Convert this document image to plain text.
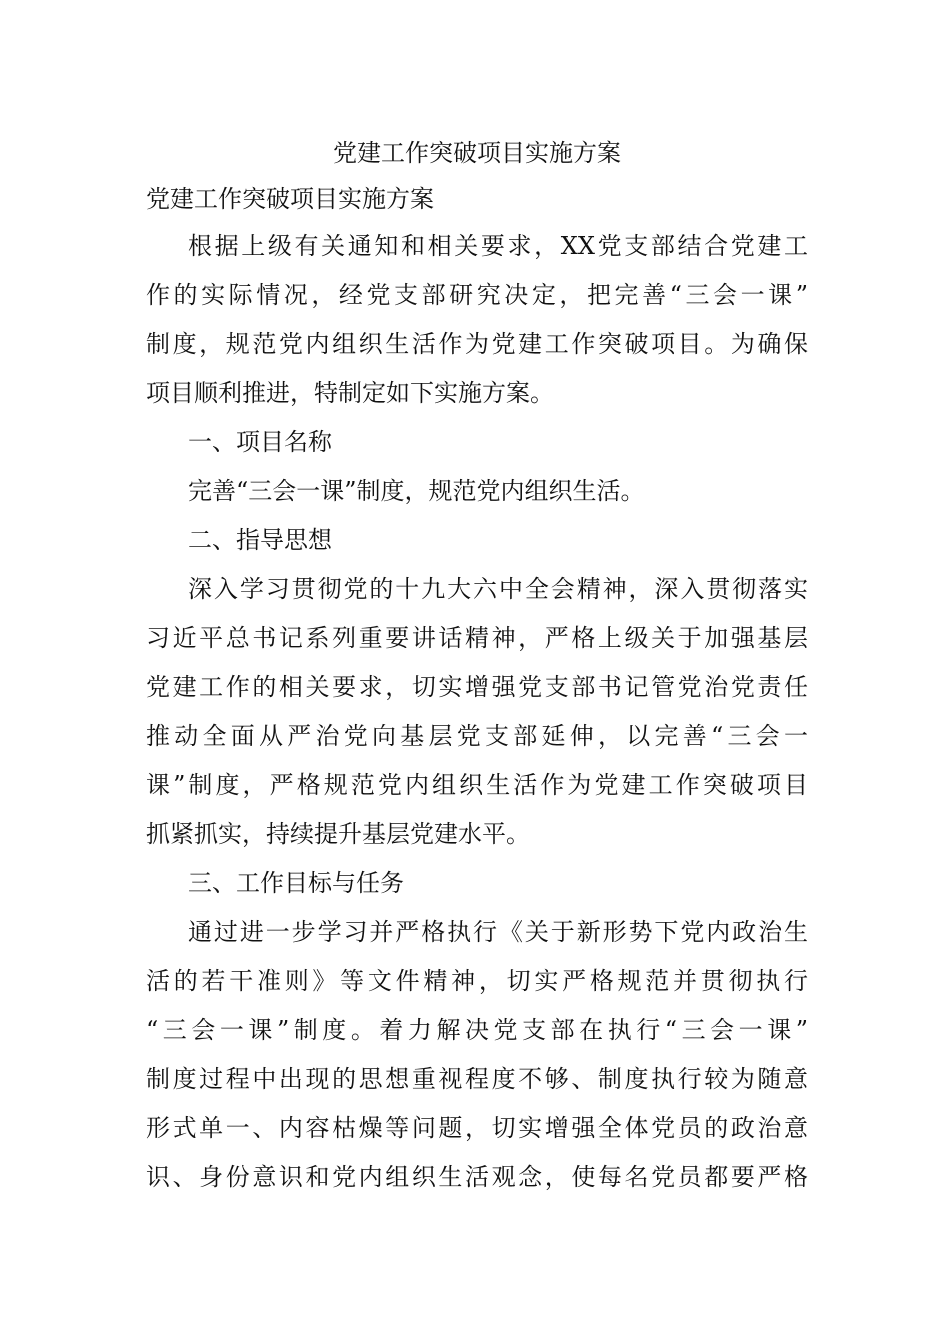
党建工作突破项目实施方案
党建工作突破项目实施方案

根据上级有关通知和相关要求，XX党支部结合党建工

作的实际情况，经党支部研究决定，把完善“三会一课”

制度，规范党内组织生活作为党建工作突破项目。为确保

项目顺利推进，特制定如下实施方案。

一、项目名称

完善“三会一课”制度，规范党内组织生活。

二、指导思想

深入学习贯彻党的十九大六中全会精神，深入贯彻落实

习近平总书记系列重要讲话精神，严格上级关于加强基层

党建工作的相关要求，切实增强党支部书记管党治党责任

推动全面从严治党向基层党支部延伸，以完善“三会一

课”制度，严格规范党内组织生活作为党建工作突破项目

抓紧抓实，持续提升基层党建水平。

三、工作目标与任务

通过进一步学习并严格执行《关于新形势下党内政治生

活的若干准则》等文件精神，切实严格规范并贯彻执行

“三会一课”制度。着力解决党支部在执行“三会一课”

制度过程中出现的思想重视程度不够、制度执行较为随意

形式单一、内容枯燥等问题，切实增强全体党员的政治意

识、身份意识和党内组织生活观念，使每名党员都要严格
